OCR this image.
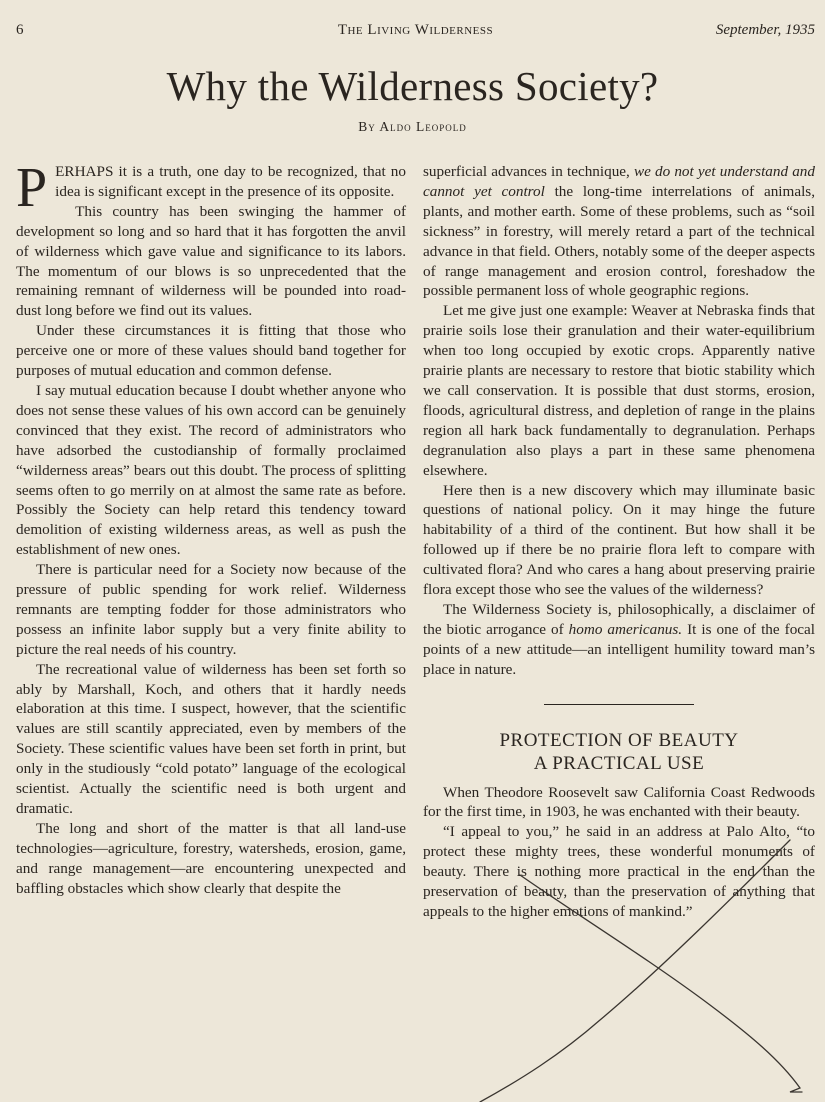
6	The Living Wilderness	September, 1935
Why the Wilderness Society?
By Aldo Leopold

PERHAPS it is a truth, one day to be recognized, that no idea is significant except in the presence of its opposite.

This country has been swinging the hammer of development so long and so hard that it has forgotten the anvil of wilderness which gave value and significance to its labors. The momentum of our blows is so unprecedented that the remaining remnant of wilderness will be pounded into road-dust long before we find out its values.

Under these circumstances it is fitting that those who perceive one or more of these values should band together for purposes of mutual education and common defense.

I say mutual education because I doubt whether anyone who does not sense these values of his own accord can be genuinely convinced that they exist. The record of administrators who have adsorbed the custodianship of formally proclaimed “wilderness areas” bears out this doubt. The process of splitting seems often to go merrily on at almost the same rate as before. Possibly the Society can help retard this tendency toward demolition of existing wilderness areas, as well as push the establishment of new ones.

There is particular need for a Society now because of the pressure of public spending for work relief. Wilderness remnants are tempting fodder for those administrators who possess an infinite labor supply but a very finite ability to picture the real needs of his country.

The recreational value of wilderness has been set forth so ably by Marshall, Koch, and others that it hardly needs elaboration at this time. I suspect, however, that the scientific values are still scantily appreciated, even by members of the Society. These scientific values have been set forth in print, but only in the studiously “cold potato” language of the ecological scientist. Actually the scientific need is both urgent and dramatic.

The long and short of the matter is that all land-use technologies—agriculture, forestry, watersheds, erosion, game, and range management—are encountering unexpected and baffling obstacles which show clearly that despite the

superficial advances in technique, we do not yet understand and cannot yet control the long-time interrelations of animals, plants, and mother earth. Some of these problems, such as “soil sickness” in forestry, will merely retard a part of the technical advance in that field. Others, notably some of the deeper aspects of range management and erosion control, foreshadow the possible permanent loss of whole geographic regions.

Let me give just one example: Weaver at Nebraska finds that prairie soils lose their granulation and their water-equilibrium when too long occupied by exotic crops. Apparently native prairie plants are necessary to restore that biotic stability which we call conservation. It is possible that dust storms, erosion, floods, agricultural distress, and depletion of range in the plains region all hark back fundamentally to degranulation. Perhaps degranulation also plays a part in these same phenomena elsewhere.

Here then is a new discovery which may illuminate basic questions of national policy. On it may hinge the future habitability of a third of the continent. But how shall it be followed up if there be no prairie flora left to compare with cultivated flora? And who cares a hang about preserving prairie flora except those who see the values of the wilderness?

The Wilderness Society is, philosophically, a disclaimer of the biotic arrogance of homo americanus. It is one of the focal points of a new attitude—an intelligent humility toward man’s place in nature.

PROTECTION OF BEAUTY
A PRACTICAL USE

When Theodore Roosevelt saw California Coast Redwoods for the first time, in 1903, he was enchanted with their beauty.

“I appeal to you,” he said in an address at Palo Alto, “to protect these mighty trees, these wonderful monuments of beauty. There is nothing more practical in the end than the preservation of beauty, than the preservation of anything that appeals to the higher emotions of mankind.”
